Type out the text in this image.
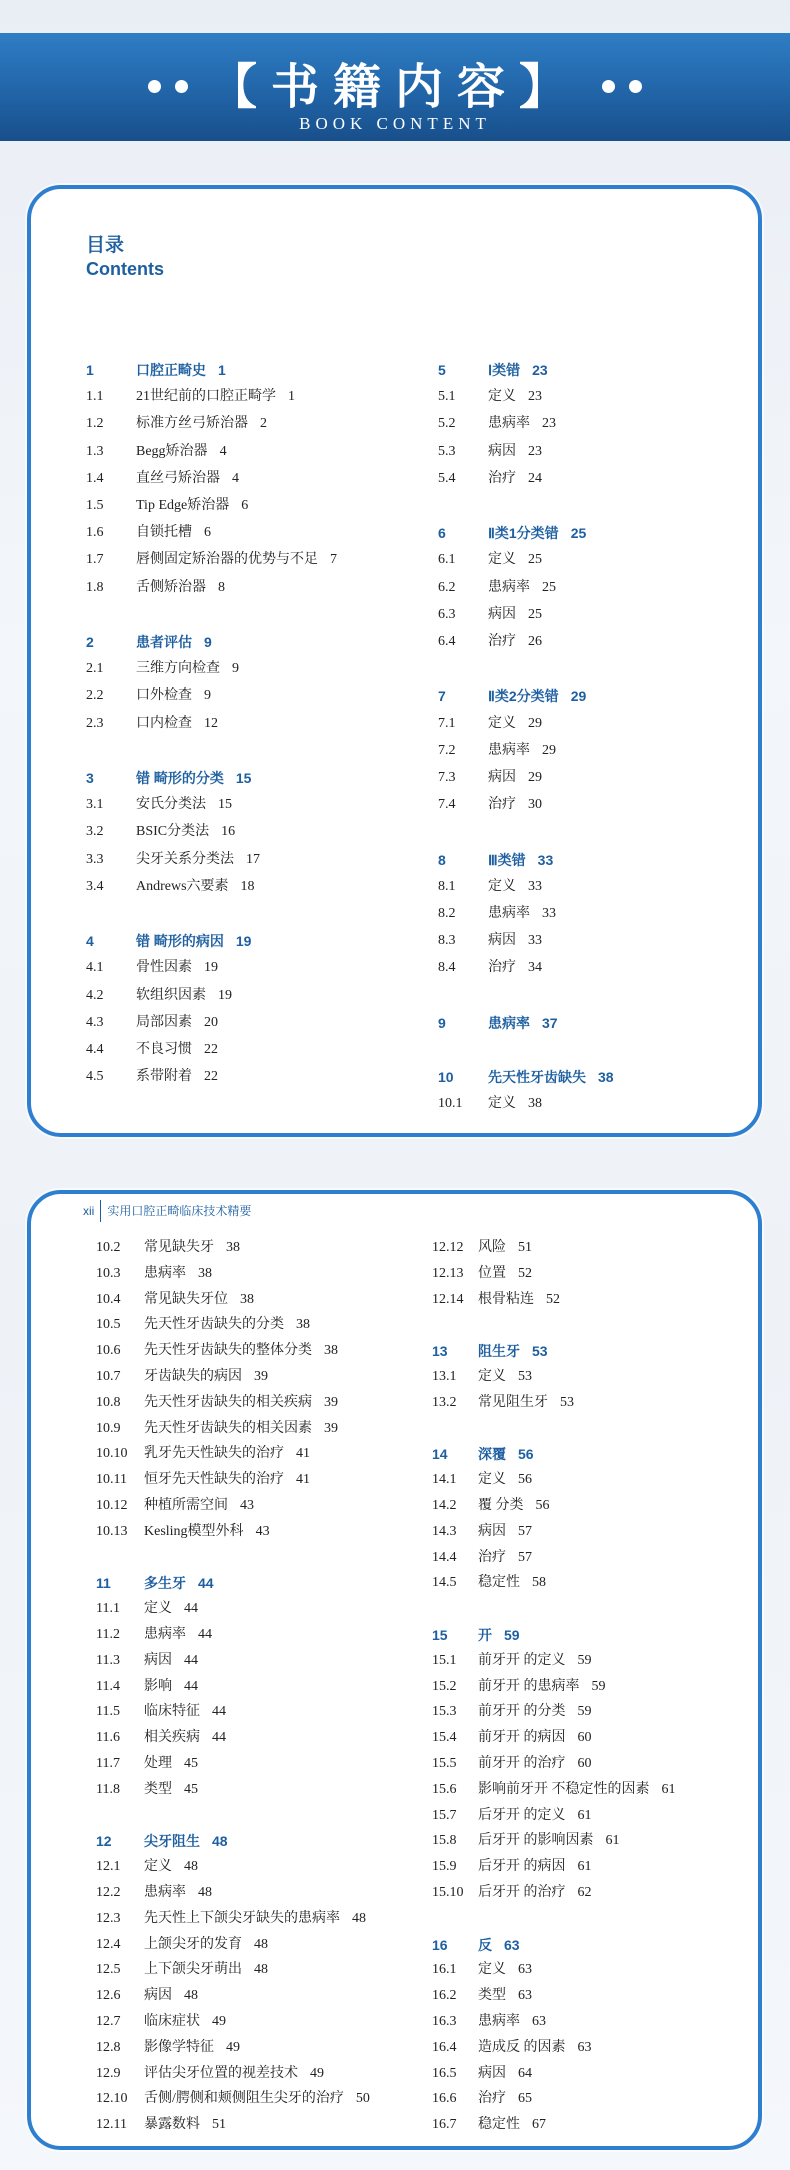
【书籍内容】
BOOK CONTENT
目录
Contents
xii 实用口腔正畸临床技术精要
1	口腔正畸史 1
1.1 21世纪前的口腔正畸学 1
1.2 标准方丝弓矫治器 2
1.3 Begg矫治器 4
1.4 直丝弓矫治器 4
1.5 Tip Edge矫治器 6
1.6 自锁托槽 6
1.7 唇侧固定矫治器的优势与不足 7
1.8 舌侧矫治器 8
2	患者评估 9
2.1 三维方向检查 9
2.2 口外检查 9
2.3 口内检查 12
3	错 畸形的分类 15
3.1 安氏分类法 15
3.2 BSIC分类法 16
3.3 尖牙关系分类法 17
3.4 Andrews六要素 18
4	错 畸形的病因 19
4.1 骨性因素 19
4.2 软组织因素 19
4.3 局部因素 20
4.4 不良习惯 22
4.5 系带附着 22
5	Ⅰ类错 23
5.1 定义 23
5.2 患病率 23
5.3 病因 23
5.4 治疗 24
6	Ⅱ类1分类错 25
6.1 定义 25
6.2 患病率 25
6.3 病因 25
6.4 治疗 26
7	Ⅱ类2分类错 29
7.1 定义 29
7.2 患病率 29
7.3 病因 29
7.4 治疗 30
8	Ⅲ类错 33
8.1 定义 33
8.2 患病率 33
8.3 病因 33
8.4 治疗 34
9	患病率 37
10 先天性牙齿缺失 38
10.1 定义 38
10.2 常见缺失牙 38
10.3 患病率 38
10.4 常见缺失牙位 38
10.5 先天性牙齿缺失的分类 38
10.6 先天性牙齿缺失的整体分类 38
10.7 牙齿缺失的病因 39
10.8 先天性牙齿缺失的相关疾病 39
10.9 先天性牙齿缺失的相关因素 39
10.10 乳牙先天性缺失的治疗 41
10.11 恒牙先天性缺失的治疗 41
10.12 种植所需空间 43
10.13 Kesling模型外科 43
11 多生牙 44
11.1 定义 44
11.2 患病率 44
11.3 病因 44
11.4 影响 44
11.5 临床特征 44
11.6 相关疾病 44
11.7 处理 45
11.8 类型 45
12 尖牙阻生 48
12.1 定义 48
12.2 患病率 48
12.3 先天性上下颌尖牙缺失的患病率 48
12.4 上颌尖牙的发育 48
12.5 上下颌尖牙萌出 48
12.6 病因 48
12.7 临床症状 49
12.8 影像学特征 49
12.9 评估尖牙位置的视差技术 49
12.10 舌侧/腭侧和颊侧阻生尖牙的治疗 50
12.11 暴露数料 51
12.12 风险 51
12.13 位置 52
12.14 根骨粘连 52
13 阻生牙 53
13.1 定义 53
13.2 常见阻生牙 53
14 深覆 56
14.1 定义 56
14.2 覆 分类 56
14.3 病因 57
14.4 治疗 57
14.5 稳定性 58
15 开 59
15.1 前牙开 的定义 59
15.2 前牙开 的患病率 59
15.3 前牙开 的分类 59
15.4 前牙开 的病因 60
15.5 前牙开 的治疗 60
15.6 影响前牙开 不稳定性的因素 61
15.7 后牙开 的定义 61
15.8 后牙开 的影响因素 61
15.9 后牙开 的病因 61
15.10 后牙开 的治疗 62
16 反 63
16.1 定义 63
16.2 类型 63
16.3 患病率 63
16.4 造成反 的因素 63
16.5 病因 64
16.6 治疗 65
16.7 稳定性 67
